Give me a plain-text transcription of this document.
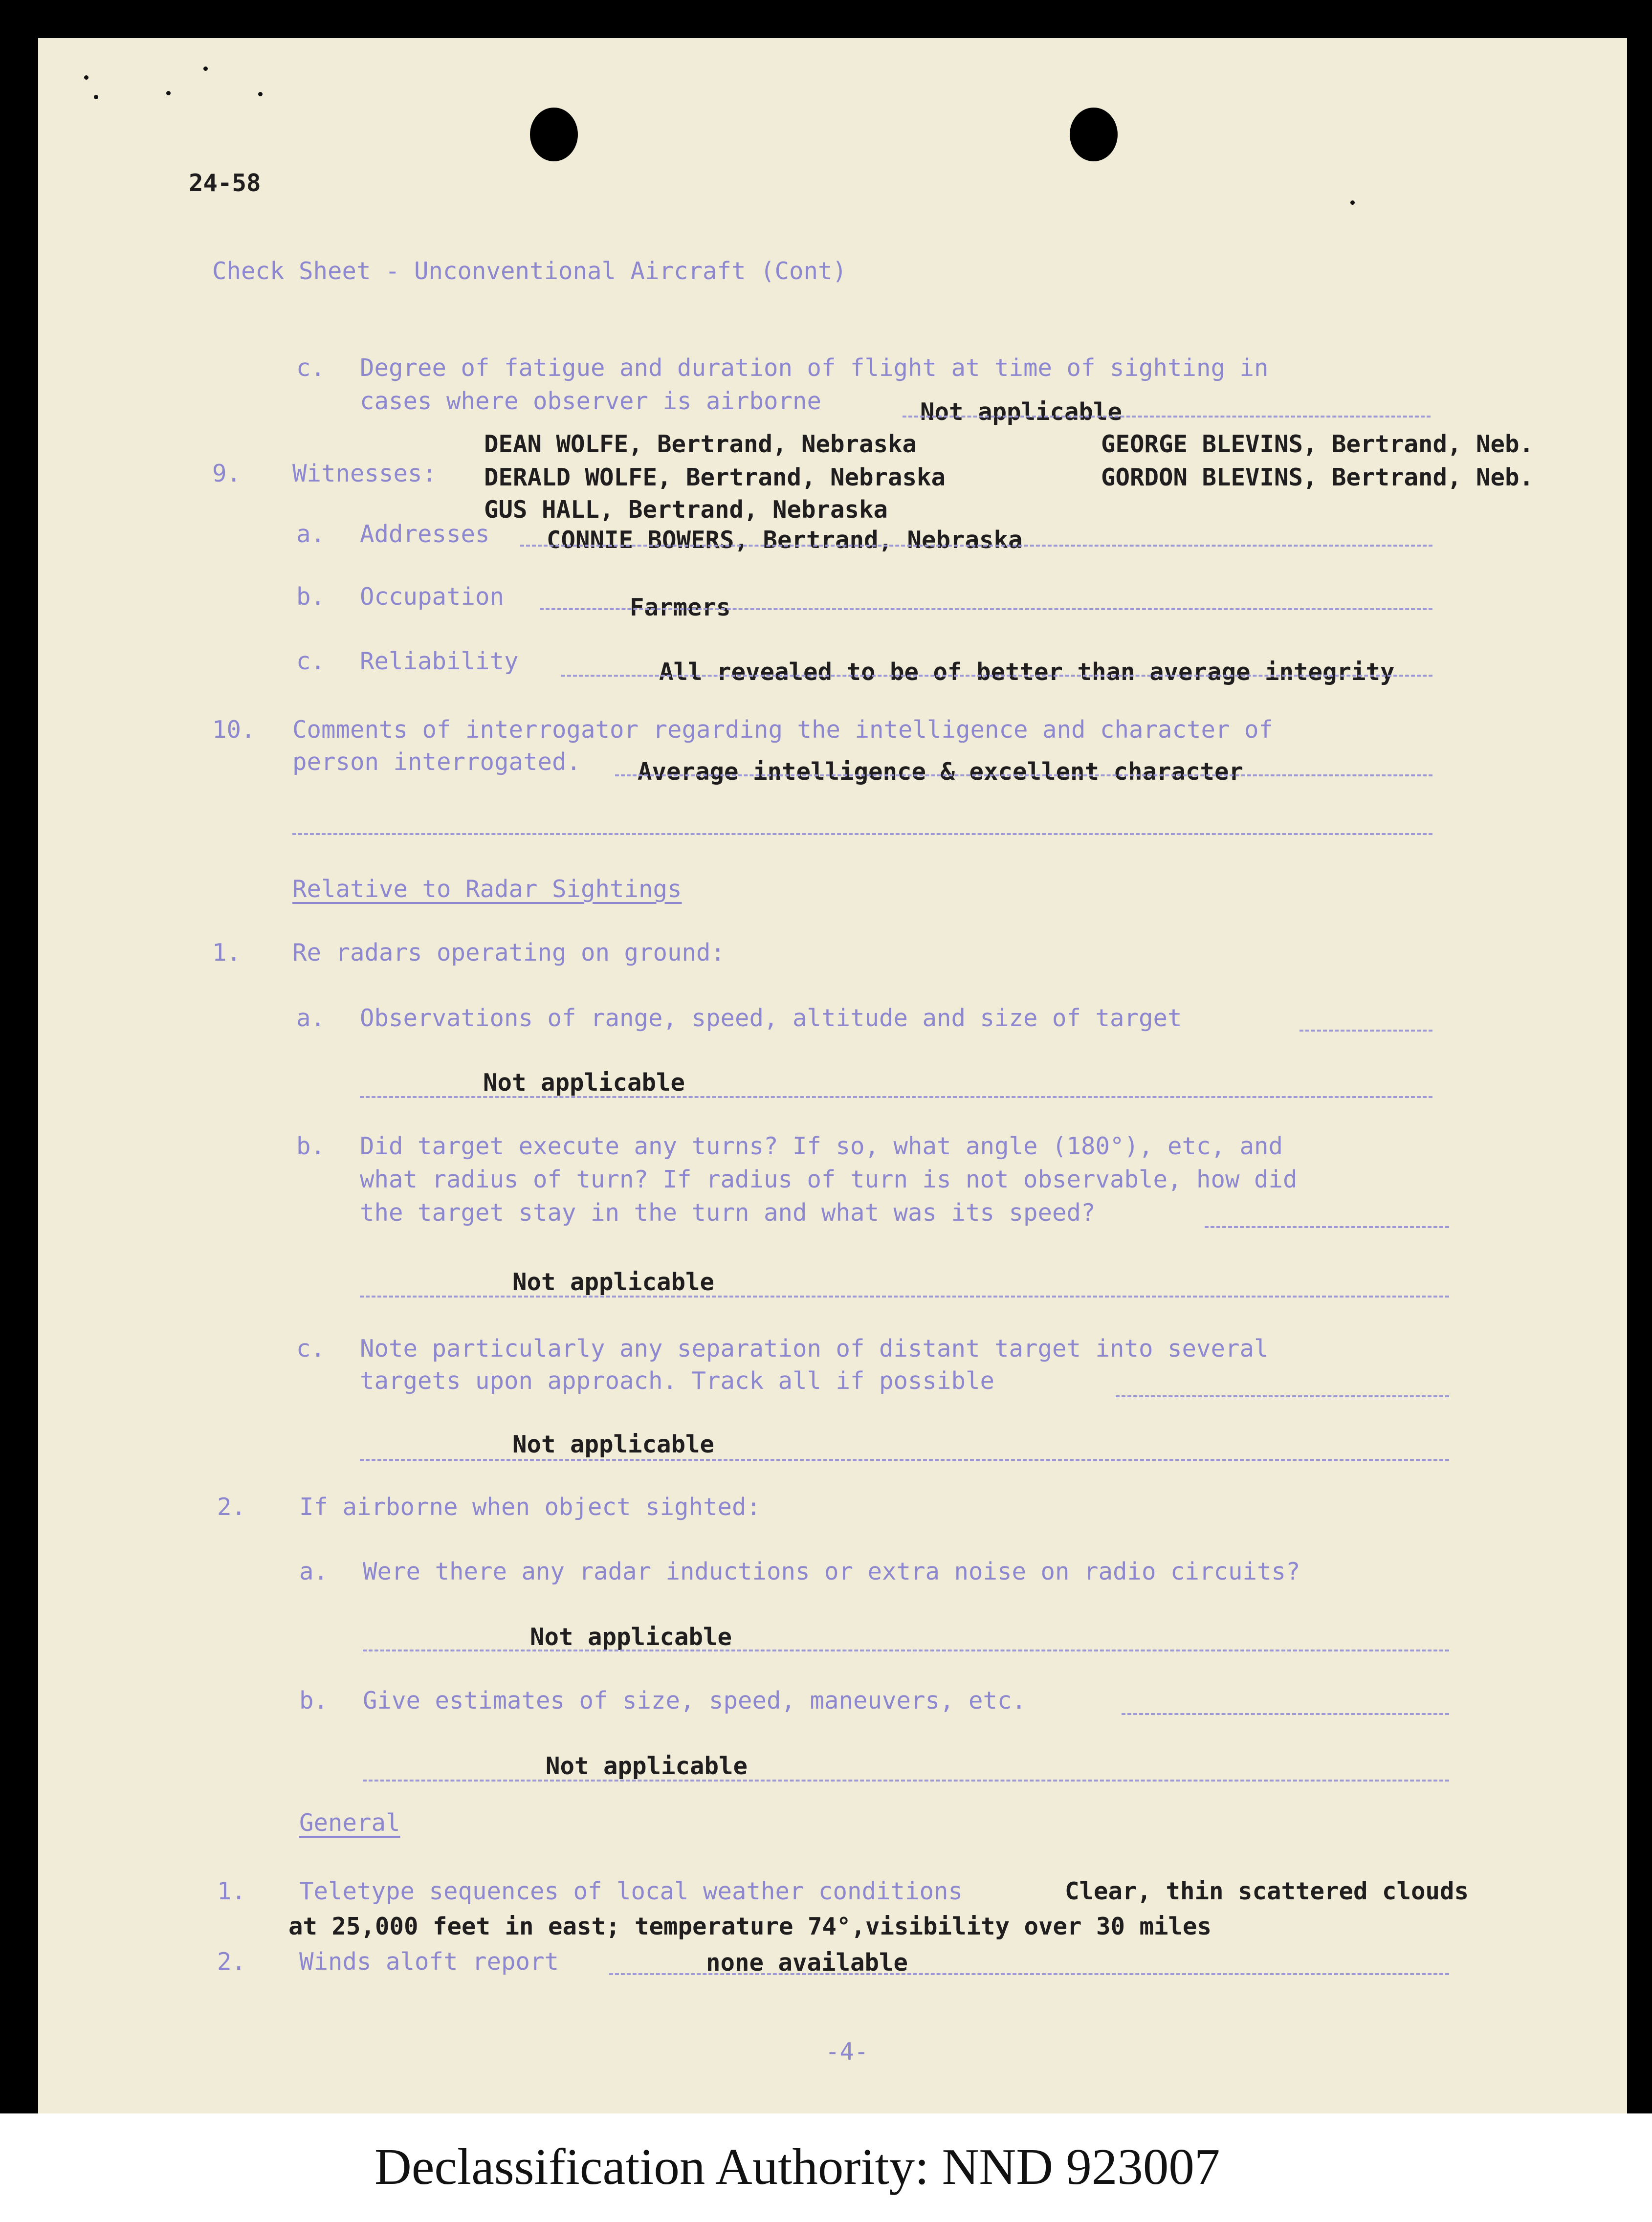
24-58
Check Sheet - Unconventional Aircraft (Cont)
c. Degree of fatigue and duration of flight at time of sighting in
cases where observer is airborne	Not applicable
9. Witnesses:
DEAN WOLFE, Bertrand, Nebraska
DERALD WOLFE, Bertrand, Nebraska
GUS HALL, Bertrand, Nebraska
GEORGE BLEVINS, Bertrand, Neb.
GORDON BLEVINS, Bertrand, Neb.
a. Addresses CONNIE BOWERS, Bertrand, Nebraska
b. Occupation	Farmers
c. Reliability	All revealed to be of better than average integrity
10. Comments of interrogator regarding the intelligence and character of
person interrogated. Average intelligence & excellent character
Relative to Radar Sightings
1. Re radars operating on ground:
a. Observations of range, speed, altitude and size of target
Not applicable
b. Did target execute any turns? If so, what angle (180°), etc, and
what radius of turn? If radius of turn is not observable, how did
the target stay in the turn and what was its speed?
Not applicable
c. Note particularly any separation of distant target into several
targets upon approach. Track all if possible
Not applicable
2. If airborne when object sighted:
a. Were there any radar inductions or extra noise on radio circuits?
Not applicable
b. Give estimates of size, speed, maneuvers, etc.
Not applicable
General
1. Teletype sequences of local weather conditions	Clear, thin scattered clouds
at 25,000 feet in east; temperature 74°,visibility over 30 miles
2. Winds aloft report	none available
-4-
Declassification Authority: NND 923007
